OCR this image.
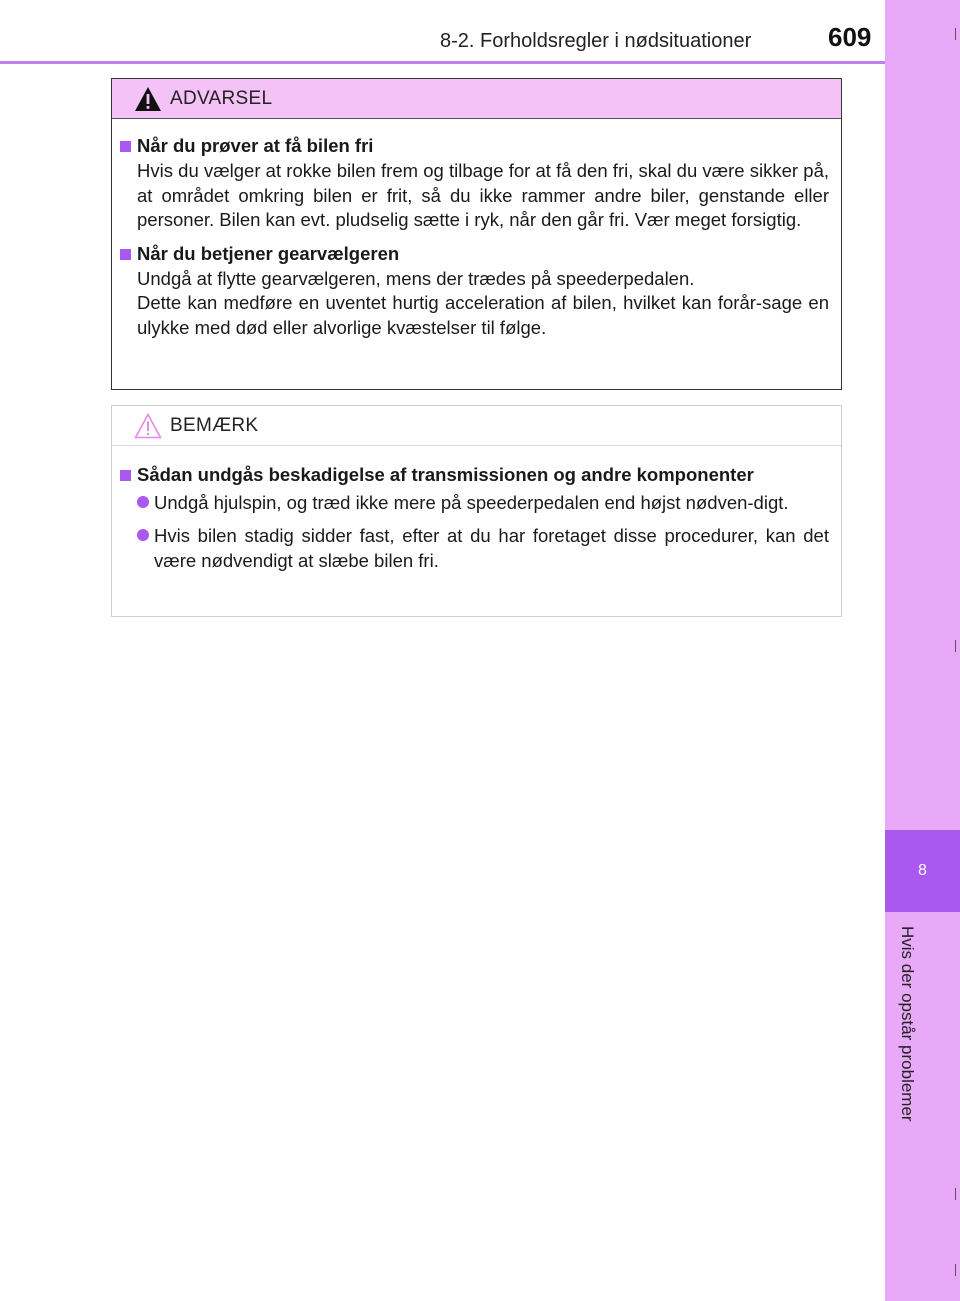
8-2. Forholdsregler i nødsituationer	609
8
Hvis der opstår problemer
ADVARSEL
Når du prøver at få bilen fri
Hvis du vælger at rokke bilen frem og tilbage for at få den fri, skal du være sikker på, at området omkring bilen er frit, så du ikke rammer andre biler, genstande eller personer. Bilen kan evt. pludselig sætte i ryk, når den går fri. Vær meget forsigtig.
Når du betjener gearvælgeren
Undgå at flytte gearvælgeren, mens der trædes på speederpedalen.
Dette kan medføre en uventet hurtig acceleration af bilen, hvilket kan forår-sage en ulykke med død eller alvorlige kvæstelser til følge.
BEMÆRK
Sådan undgås beskadigelse af transmissionen og andre komponenter
Undgå hjulspin, og træd ikke mere på speederpedalen end højst nødven-digt.
Hvis bilen stadig sidder fast, efter at du har foretaget disse procedurer, kan det være nødvendigt at slæbe bilen fri.
